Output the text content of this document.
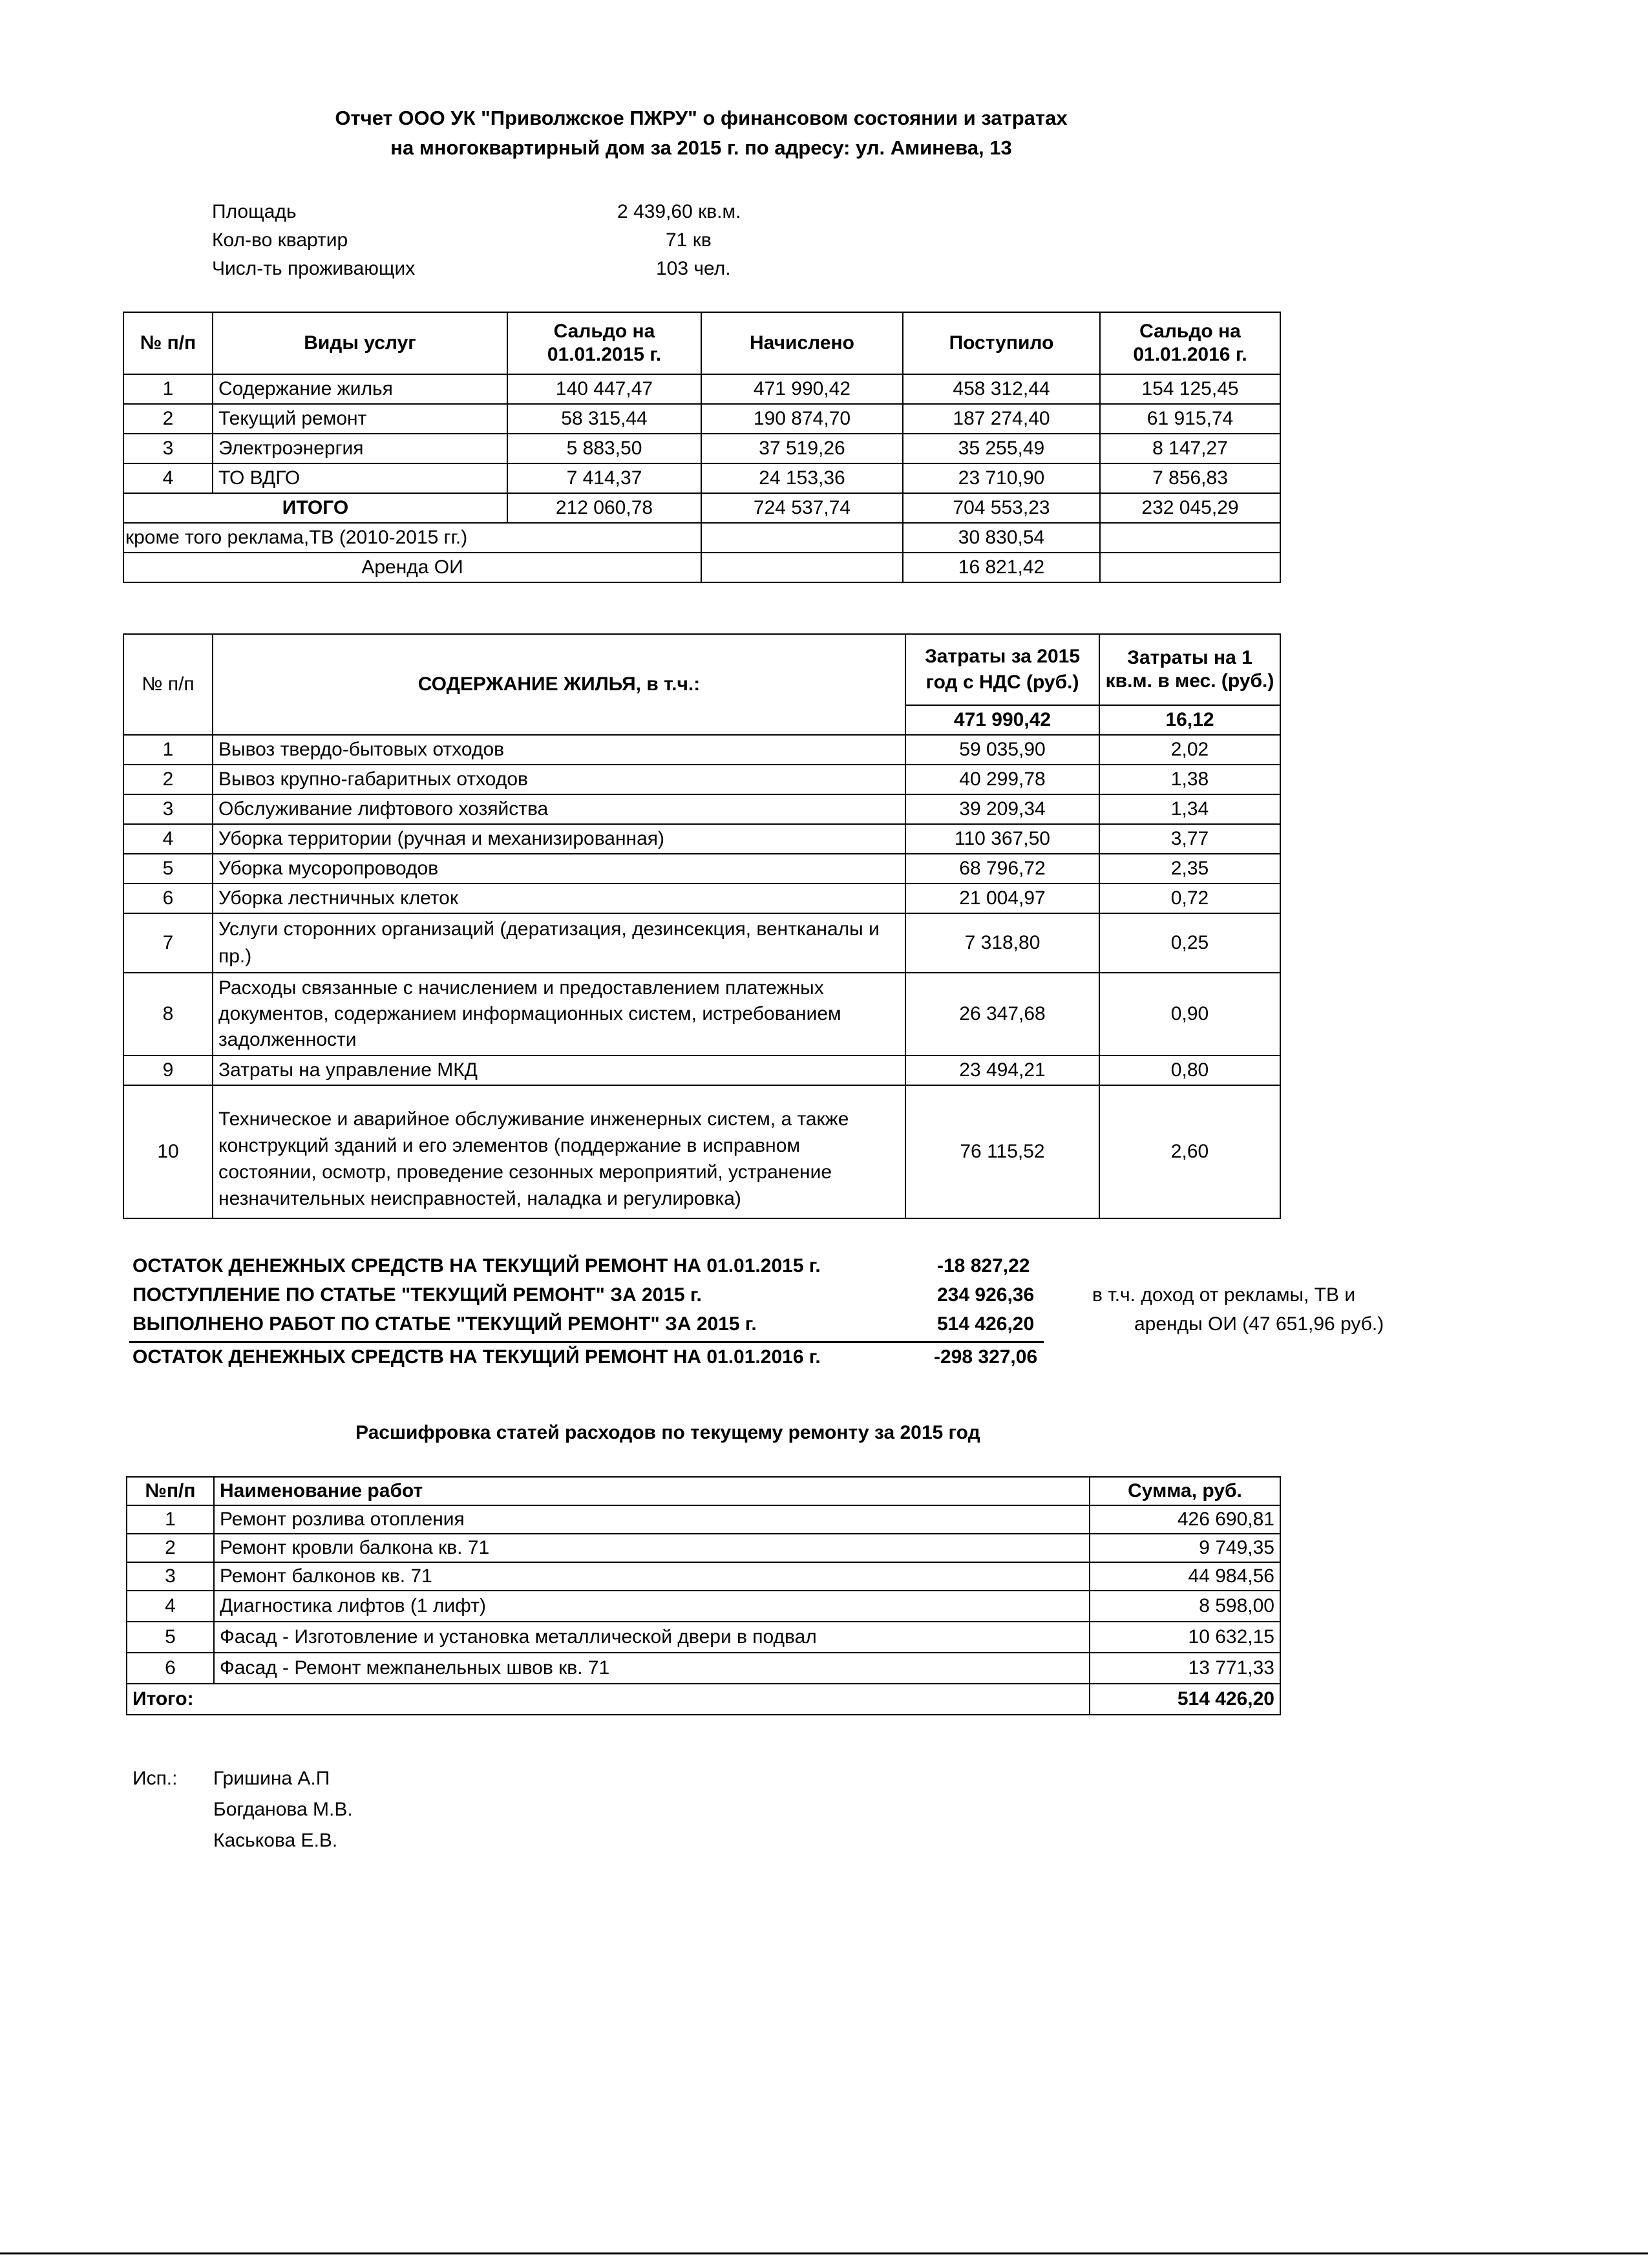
Отчет ООО УК "Приволжское ПЖРУ" о финансовом состоянии и затратах
на многоквартирный дом за 2015 г. по адресу: ул. Аминева, 13
Площадь	2 439,60 кв.м.
Кол-во квартир	71 кв
Числ-ть проживающих	103 чел.
№ п/п	Виды услуг	Сальдо на 01.01.2015 г.	Начислено	Поступило	Сальдо на 01.01.2016 г.
1	Содержание жилья	140 447,47	471 990,42	458 312,44	154 125,45
2	Текущий ремонт	58 315,44	190 874,70	187 274,40	61 915,74
3	Электроэнергия	5 883,50	37 519,26	35 255,49	8 147,27
4	ТО ВДГО	7 414,37	24 153,36	23 710,90	7 856,83
ИТОГО		212 060,78	724 537,74	704 553,23	232 045,29
кроме того реклама,ТВ (2010-2015 гг.)				30 830,54	
Аренда ОИ				16 821,42	
№ п/п	СОДЕРЖАНИЕ ЖИЛЬЯ, в т.ч.:	Затраты за 2015 год с НДС (руб.)	Затраты на 1 кв.м. в мес. (руб.)
		471 990,42	16,12
1	Вывоз твердо-бытовых отходов	59 035,90	2,02
2	Вывоз крупно-габаритных отходов	40 299,78	1,38
3	Обслуживание лифтового хозяйства	39 209,34	1,34
4	Уборка территории (ручная и механизированная)	110 367,50	3,77
5	Уборка мусоропроводов	68 796,72	2,35
6	Уборка лестничных клеток	21 004,97	0,72
7	Услуги сторонних организаций (дератизация, дезинсекция, вентканалы и пр.)	7 318,80	0,25
8	Расходы связанные с начислением и предоставлением платежных документов, содержанием информационных систем, истребованием задолженности	26 347,68	0,90
9	Затраты на управление МКД	23 494,21	0,80
10	Техническое и аварийное обслуживание инженерных систем, а также конструкций зданий и его элементов (поддержание в исправном состоянии, осмотр, проведение сезонных мероприятий, устранение незначительных неисправностей, наладка и регулировка)	76 115,52	2,60
ОСТАТОК ДЕНЕЖНЫХ СРЕДСТВ НА ТЕКУЩИЙ РЕМОНТ НА 01.01.2015 г.	-18 827,22
ПОСТУПЛЕНИЕ ПО СТАТЬЕ "ТЕКУЩИЙ РЕМОНТ" ЗА 2015 г.	234 926,36	в т.ч. доход от рекламы, ТВ и
ВЫПОЛНЕНО РАБОТ ПО СТАТЬЕ "ТЕКУЩИЙ РЕМОНТ" ЗА 2015 г.	514 426,20	аренды ОИ (47 651,96 руб.)
ОСТАТОК ДЕНЕЖНЫХ СРЕДСТВ НА ТЕКУЩИЙ РЕМОНТ НА 01.01.2016 г.	-298 327,06
Расшифровка статей расходов по текущему ремонту за 2015 год
№п/п	Наименование работ	Сумма, руб.
1	Ремонт розлива отопления	426 690,81
2	Ремонт кровли балкона кв. 71	9 749,35
3	Ремонт балконов кв. 71	44 984,56
4	Диагностика лифтов (1 лифт)	8 598,00
5	Фасад - Изготовление и установка металлической двери в подвал	10 632,15
6	Фасад - Ремонт межпанельных швов кв. 71	13 771,33
Итого:		514 426,20
Исп.: Гришина А.П
Богданова М.В.
Каськова Е.В.
